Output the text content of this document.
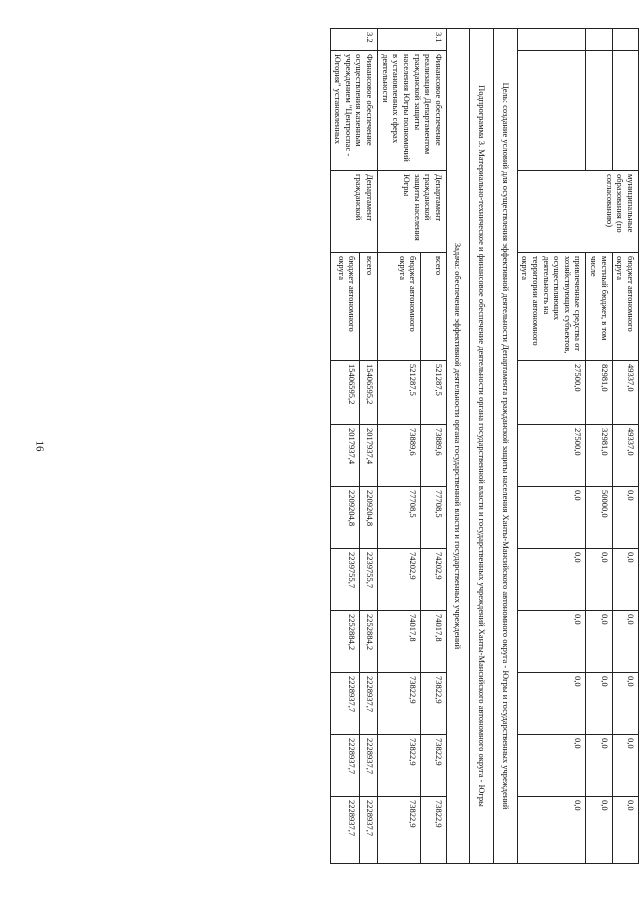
16
		муниципальные образования (по согласованию)	бюджет автономного округа	49337,0	49337,0	0,0	0,0	0,0	0,0	0,0	0,0
			местный бюджет, в том числе	82981,0	32981,0	50000,0	0,0	0,0	0,0	0,0	0,0
			привлеченные средства от хозяйствующих субъектов, осуществляющих деятельность на территории автономного округа	27500,0	27500,0	0,0	0,0	0,0	0,0	0,0	0,0
Цель: создание условий для осуществления эффективной деятельности Департамента гражданской защиты населения Ханты-Мансийского автономного округа - Югры и государственных учреждений											
Подпрограмма 3. Материально-техническое и финансовое обеспечение деятельности органа государственной власти и государственных учреждений Ханты-Мансийского автономного округа - Югры											
Задача: обеспечение эффективной деятельности органа государственной власти и государственных учреждений											
3.1	Финансовое обеспечение реализации Департаментом гражданской защиты населения Югры полномочий в установленных сферах деятельности	Департамент гражданской защиты населения Югры	всего	521287,5	73889,6	77708,5	74202,9	74017,8	73822,9	73822,9	73822,9
			бюджет автономного округа	521287,5	73889,6	77708,5	74202,9	74017,8	73822,9	73822,9	73822,9
3.2	Финансовое обеспечение осуществления казенным учреждением "Центроспас - Югория" установленных	Департамент гражданской	всего	15406595,2	2017937,4	2209204,8	2239755,7	2252884,2	2228937,7	2228937,7	2228937,7
			бюджет автономного округа	15406595,2	2017937,4	2209204,8	2239755,7	2252884,2	2228937,7	2228937,7	2228937,7
